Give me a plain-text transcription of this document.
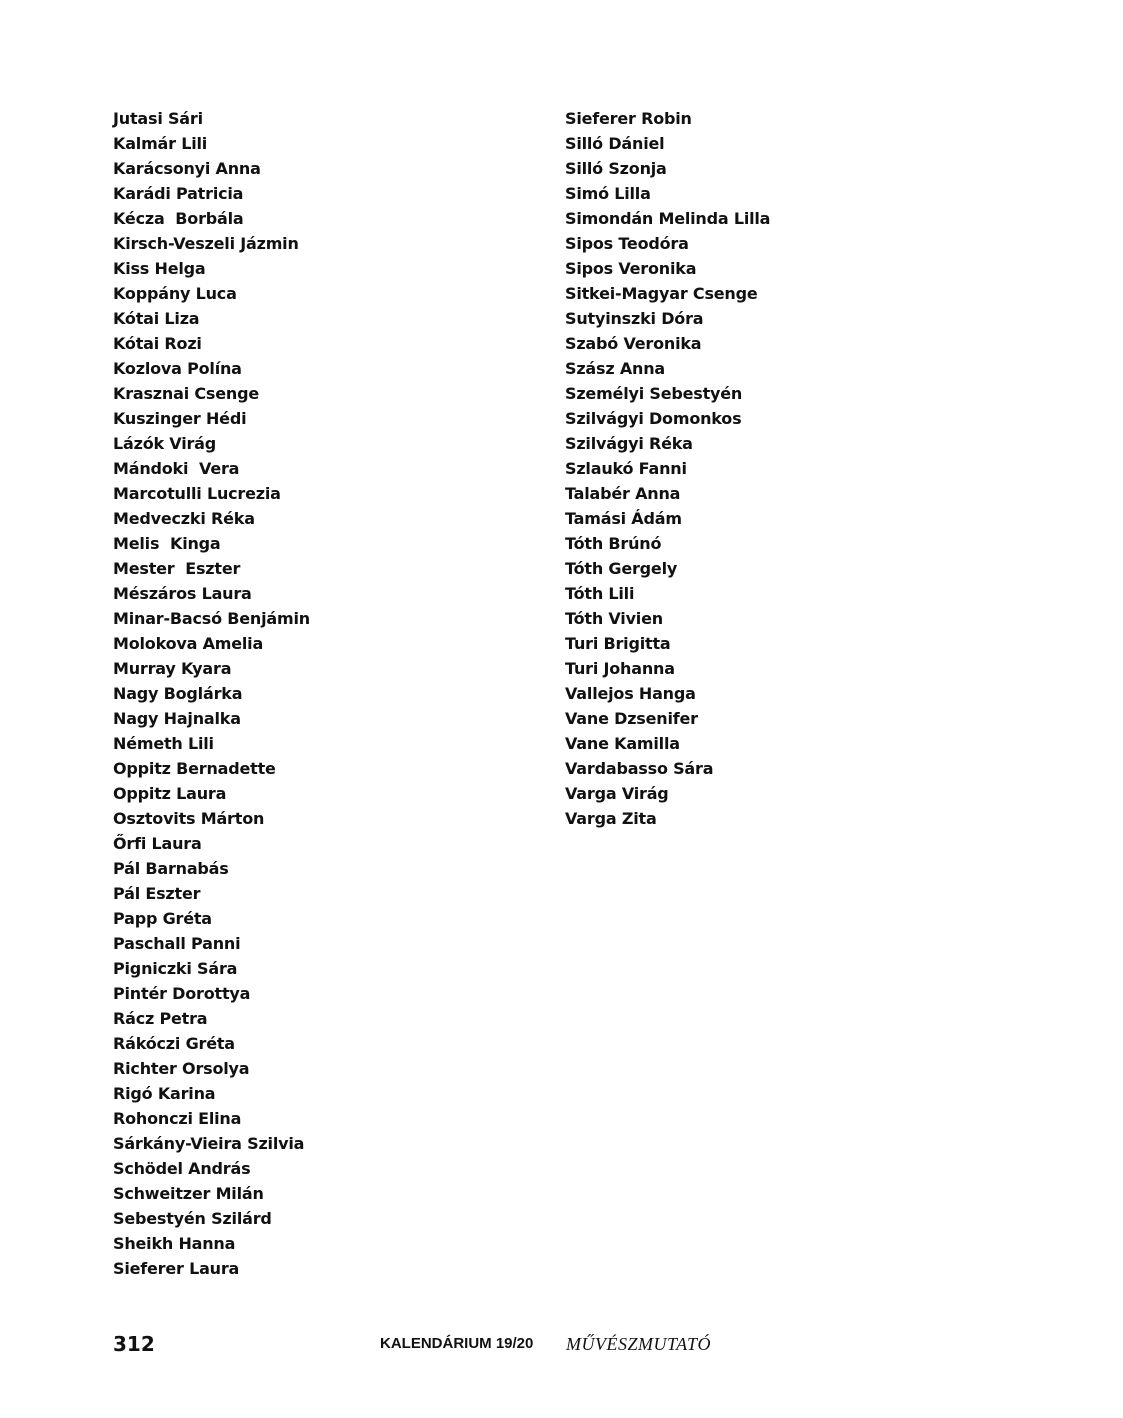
Jutasi Sári
Kalmár Lili
Karácsonyi Anna
Karádi Patricia
Kécza  Borbála
Kirsch-Veszeli Jázmin
Kiss Helga
Koppány Luca
Kótai Liza
Kótai Rozi
Kozlova Polína
Krasznai Csenge
Kuszinger Hédi
Lázók Virág
Mándoki  Vera
Marcotulli Lucrezia
Medveczki Réka
Melis  Kinga
Mester  Eszter
Mészáros Laura
Minar-Bacsó Benjámin
Molokova Amelia
Murray Kyara
Nagy Boglárka
Nagy Hajnalka
Németh Lili
Oppitz Bernadette
Oppitz Laura
Osztovits Márton
Őrfi Laura
Pál Barnabás
Pál Eszter
Papp Gréta
Paschall Panni
Pigniczki Sára
Pintér Dorottya
Rácz Petra
Rákóczi Gréta
Richter Orsolya
Rigó Karina
Rohonczi Elina
Sárkány-Vieira Szilvia
Schödel András
Schweitzer Milán
Sebestyén Szilárd
Sheikh Hanna
Sieferer Laura
Sieferer Robin
Silló Dániel
Silló Szonja
Simó Lilla
Simondán Melinda Lilla
Sipos Teodóra
Sipos Veronika
Sitkei-Magyar Csenge
Sutyinszki Dóra
Szabó Veronika
Szász Anna
Személyi Sebestyén
Szilvágyi Domonkos
Szilvágyi Réka
Szlaukó Fanni
Talabér Anna
Tamási Ádám
Tóth Brúnó
Tóth Gergely
Tóth Lili
Tóth Vivien
Turi Brigitta
Turi Johanna
Vallejos Hanga
Vane Dzsenifer
Vane Kamilla
Vardabasso Sára
Varga Virág
Varga Zita
312	KALENDÁRIUM 19/20 MŰVÉSZMUTATÓ
